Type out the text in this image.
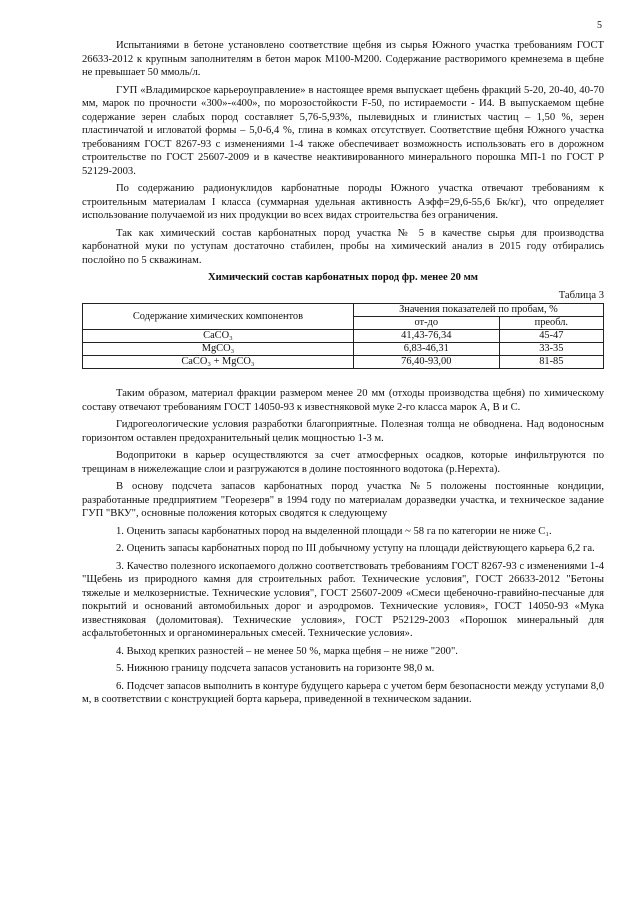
5

Испытаниями в бетоне установлено соответствие щебня из сырья Южного участка требованиям ГОСТ 26633-2012 к крупным заполнителям в бетон марок М100-М200. Содержание растворимого кремнезема в щебне не превышает 50 ммоль/л.

ГУП «Владимирское карьероуправление» в настоящее время выпускает щебень фракций 5-20, 20-40, 40-70 мм, марок по прочности «300»-«400», по морозостойкости F-50, по истираемости - И4. В выпускаемом щебне содержание зерен слабых пород составляет 5,76-5,93%, пылевидных и глинистых частиц – 1,50 %, зерен пластинчатой и игловатой формы – 5,0-6,4 %, глина в комках отсутствует. Соответствие щебня Южного участка требованиям ГОСТ 8267-93 с изменениями 1-4 также обеспечивает возможность использовать его в дорожном строительстве по ГОСТ 25607-2009 и в качестве неактивированного минерального порошка МП-1 по ГОСТ Р 52129-2003.

По содержанию радионуклидов карбонатные породы Южного участка отвечают требованиям к строительным материалам I класса (суммарная удельная активность Аэфф=29,6-55,6 Бк/кг), что определяет использование получаемой из них продукции во всех видах строительства без ограничения.

Так как химический состав карбонатных пород участка № 5 в качестве сырья для производства карбонатной муки по уступам достаточно стабилен, пробы на химический анализ в 2015 году отбирались послойно по 5 скважинам.

Химический состав карбонатных пород фр. менее 20 мм
Таблица 3
Содержание химических компонентов	Значения показателей по пробам, %	
	от-до	преобл.
CaCO₃	41,43-76,34	45-47
MgCO₃	6,83-46,31	33-35
CaCO₃ + MgCO₃	76,40-93,00	81-85

Таким образом, материал фракции размером менее 20 мм (отходы производства щебня) по химическому составу отвечают требованиям ГОСТ 14050-93 к известняковой муке 2-го класса марок А, В и С.

Гидрогеологические условия разработки благоприятные. Полезная толща не обводнена. Над водоносным горизонтом оставлен предохранительный целик мощностью 1-3 м.

Водопритоки в карьер осуществляются за счет атмосферных осадков, которые инфильтруются по трещинам в нижележащие слои и разгружаются в долине постоянного водотока (р.Нерехта).

В основу подсчета запасов карбонатных пород участка №5 положены постоянные кондиции, разработанные предприятием "Георезерв" в 1994 году по материалам доразведки участка, и техническое задание ГУП "ВКУ", основные положения которых сводятся к следующему

1. Оценить запасы карбонатных пород на выделенной площади ~ 58 га по категории не ниже C₁.

2. Оценить запасы карбонатных пород по III добычному уступу на площади действующего карьера 6,2 га.

3. Качество полезного ископаемого должно соответствовать требованиям ГОСТ 8267-93 с изменениями 1-4 "Щебень из природного камня для строительных работ. Технические условия", ГОСТ 26633-2012 "Бетоны тяжелые и мелкозернистые. Технические условия", ГОСТ 25607-2009 «Смеси щебеночно-гравийно-песчаные для покрытий и оснований автомобильных дорог и аэродромов. Технические условия», ГОСТ 14050-93 «Мука известняковая (доломитовая). Технические условия», ГОСТ Р52129-2003 «Порошок минеральный для асфальтобетонных и органоминеральных смесей. Технические условия».

4. Выход крепких разностей – не менее 50 %, марка щебня – не ниже "200".

5. Нижнюю границу подсчета запасов установить на горизонте 98,0 м.

6. Подсчет запасов выполнить в контуре будущего карьера с учетом берм безопасности между уступами 8,0 м, в соответствии с конструкцией борта карьера, приведенной в техническом задании.
